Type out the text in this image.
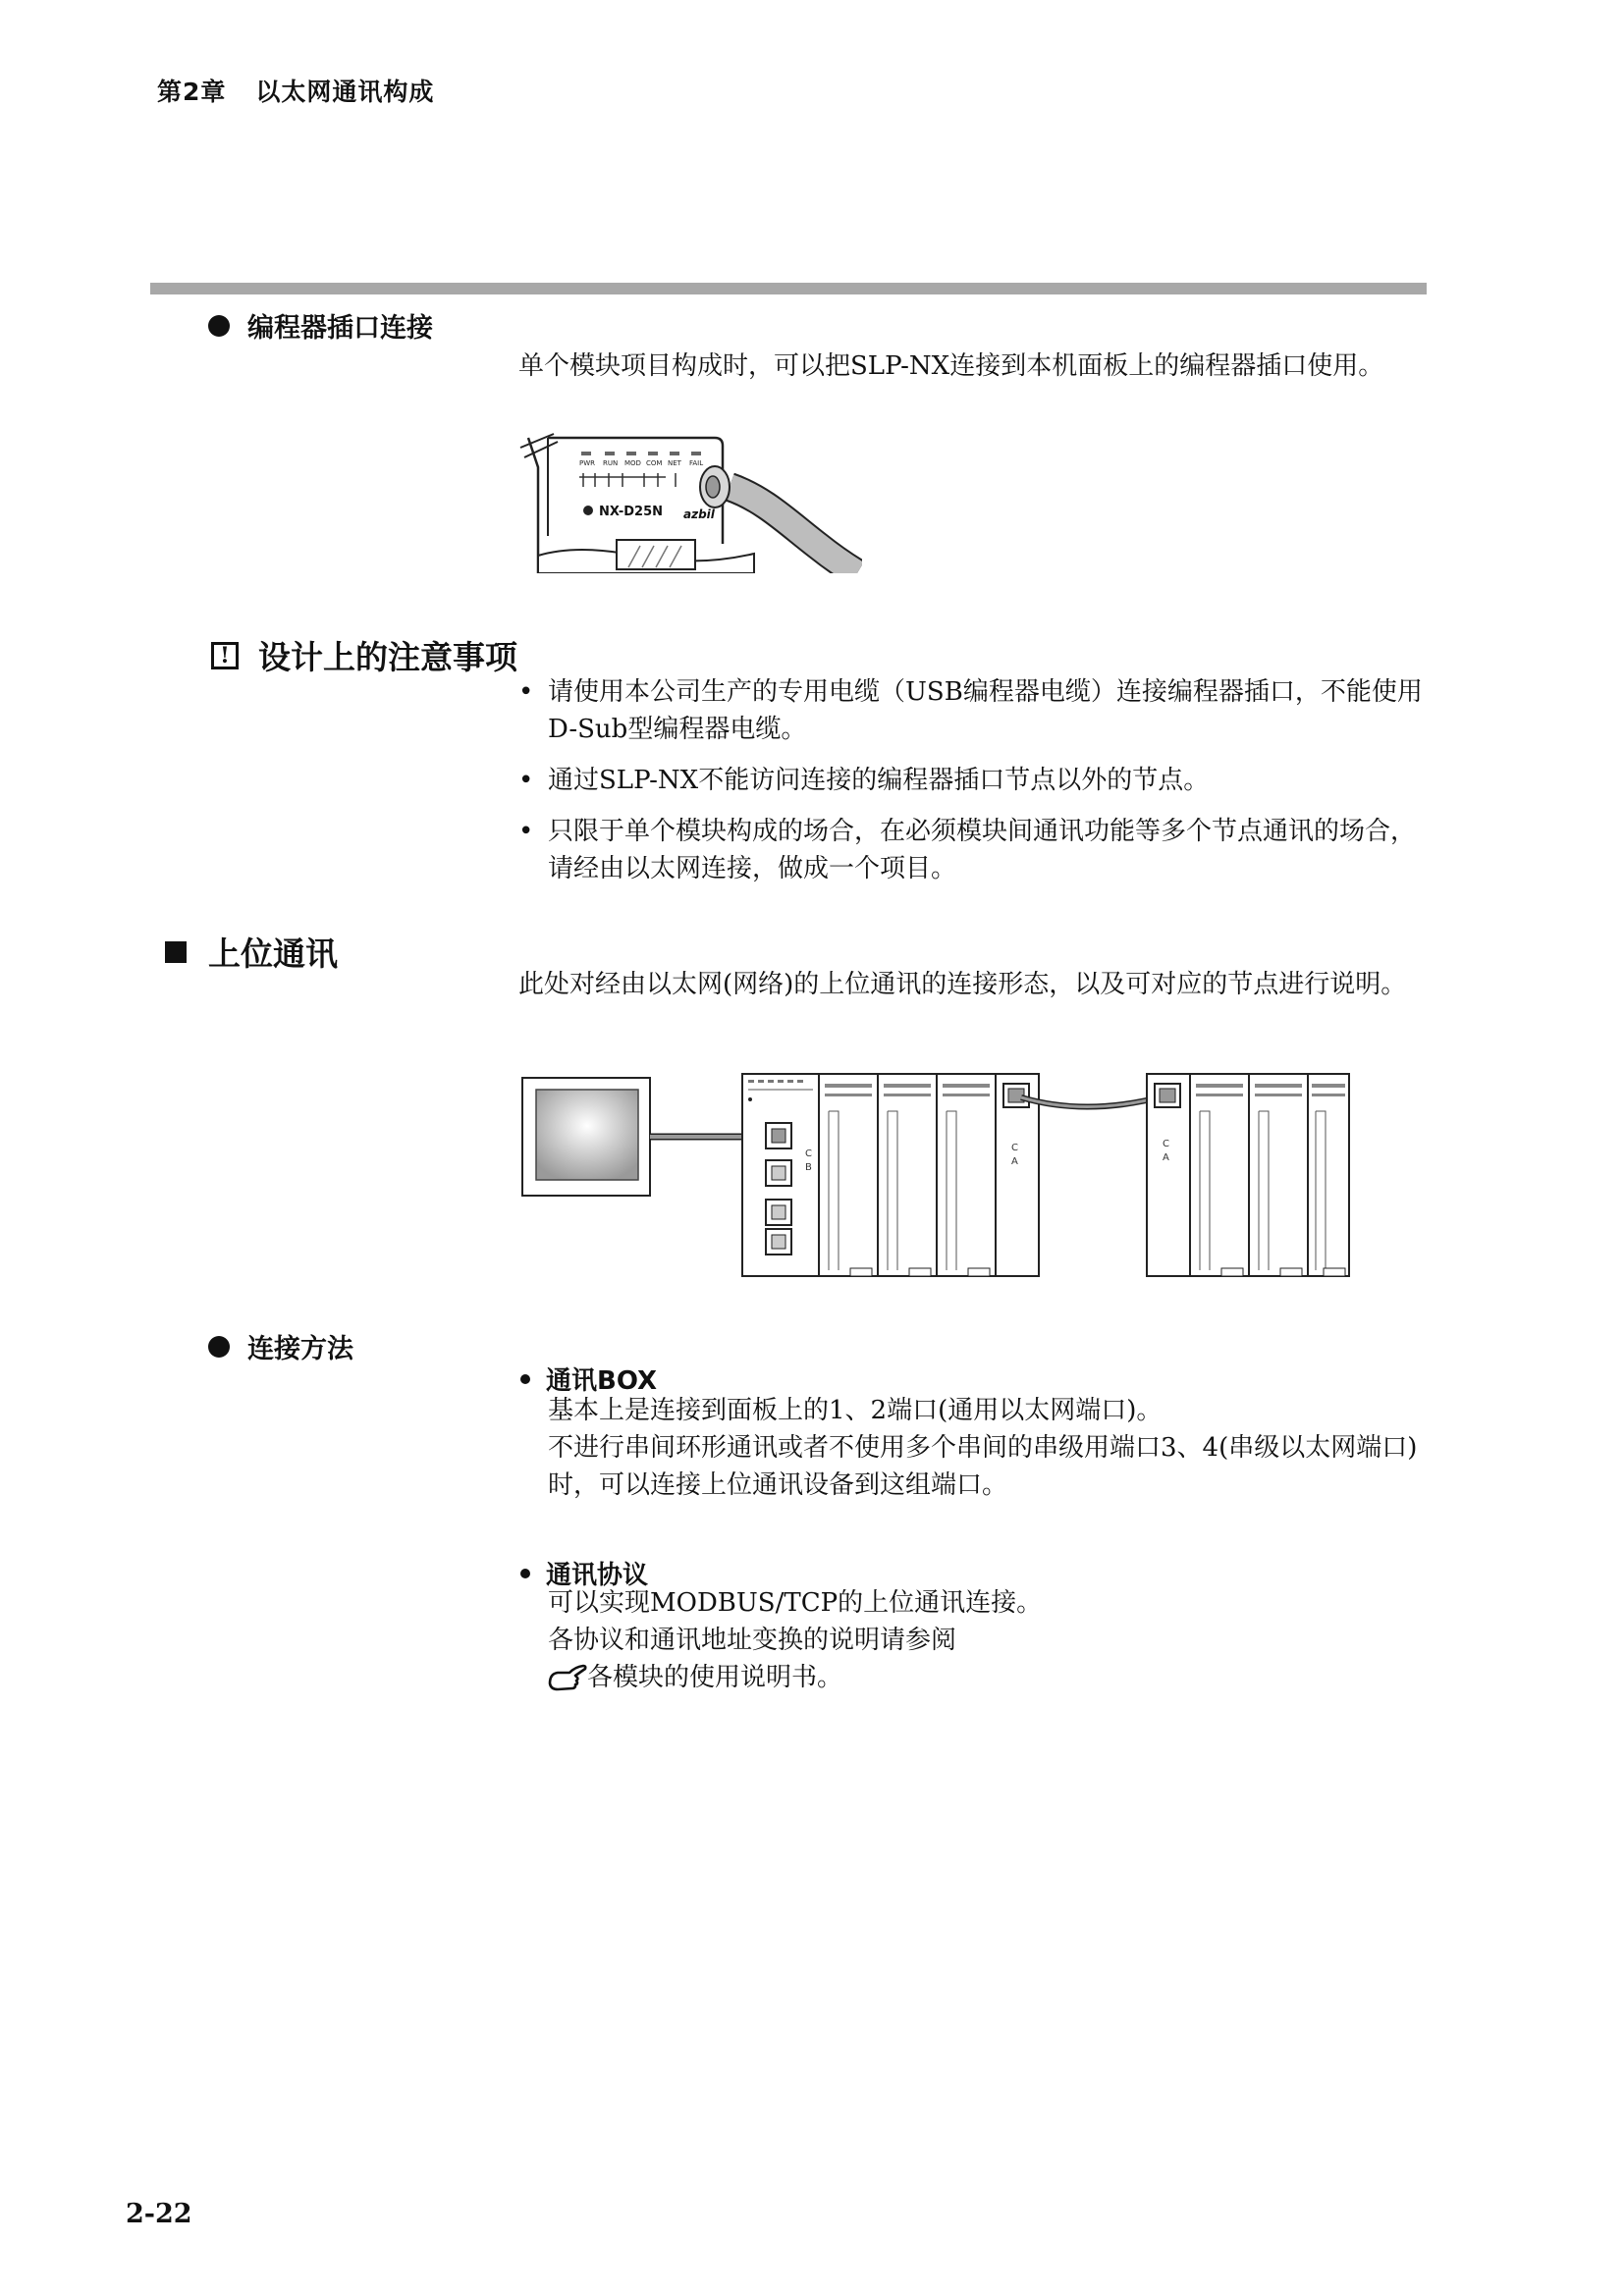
第2章 以太网通讯构成
编程器插口连接
单个模块项目构成时，可以把SLP-NX连接到本机面板上的编程器插口使用。
PWR RUN MOD COM NET FAIL
NX-D25N azbil
! 设计上的注意事项
• 请使用本公司生产的专用电缆（USB编程器电缆）连接编程器插口，不能使用D-Sub型编程器电缆。
• 通过SLP-NX不能访问连接的编程器插口节点以外的节点。
• 只限于单个模块构成的场合，在必须模块间通讯功能等多个节点通讯的场合，请经由以太网连接，做成一个项目。
上位通讯
此处对经由以太网(网络)的上位通讯的连接形态，以及可对应的节点进行说明。
C
B
C
A
C
A
连接方法
通讯BOX
基本上是连接到面板上的1、2端口(通用以太网端口)。
不进行串间环形通讯或者不使用多个串间的串级用端口3、4(串级以太网端口)时，可以连接上位通讯设备到这组端口。
通讯协议
可以实现MODBUS/TCP的上位通讯连接。
各协议和通讯地址变换的说明请参阅
各模块的使用说明书。
2-22
